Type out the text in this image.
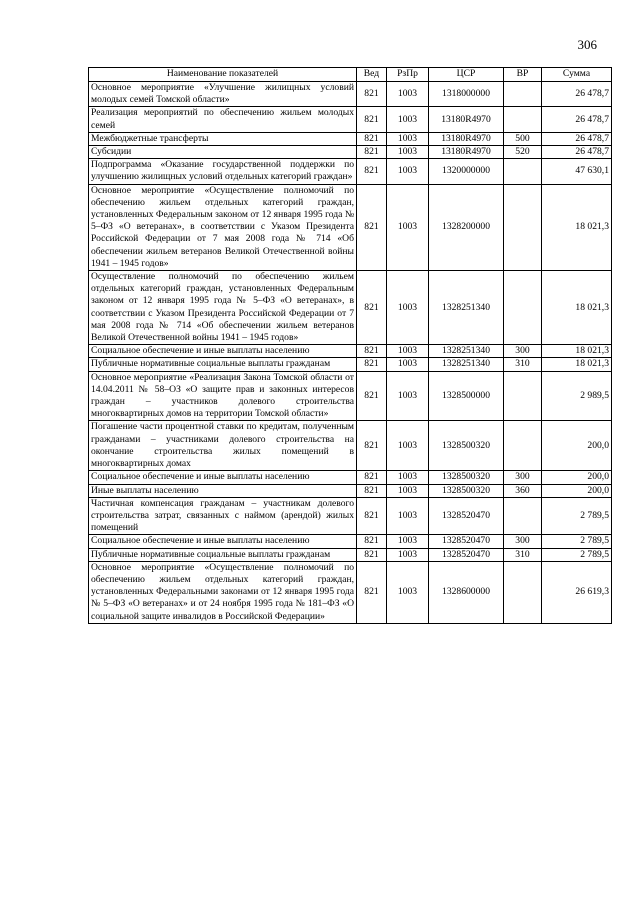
306
Наименование показателей	Вед	РзПр	ЦСР	ВР	Сумма
Основное мероприятие «Улучшение жилищных условий молодых семей Томской области»	821	1003	1318000000		26 478,7
Реализация мероприятий по обеспечению жильем молодых семей	821	1003	13180R4970		26 478,7
Межбюджетные трансферты	821	1003	13180R4970	500	26 478,7
Субсидии	821	1003	13180R4970	520	26 478,7
Подпрограмма «Оказание государственной поддержки по улучшению жилищных условий отдельных категорий граждан»	821	1003	1320000000		47 630,1
Основное мероприятие «Осуществление полномочий по обеспечению жильем отдельных категорий граждан, установленных Федеральным законом от 12 января 1995 года № 5–ФЗ «О ветеранах», в соответствии с Указом Президента Российской Федерации от 7 мая 2008 года № 714 «Об обеспечении жильем ветеранов Великой Отечественной войны 1941 – 1945 годов»	821	1003	1328200000		18 021,3
Осуществление полномочий по обеспечению жильем отдельных категорий граждан, установленных Федеральным законом от 12 января 1995 года № 5–ФЗ «О ветеранах», в соответствии с Указом Президента Российской Федерации от 7 мая 2008 года № 714 «Об обеспечении жильем ветеранов Великой Отечественной войны 1941 – 1945 годов»	821	1003	1328251340		18 021,3
Социальное обеспечение и иные выплаты населению	821	1003	1328251340	300	18 021,3
Публичные нормативные социальные выплаты гражданам	821	1003	1328251340	310	18 021,3
Основное мероприятие «Реализация Закона Томской области от 14.04.2011 № 58–ОЗ «О защите прав и законных интересов граждан – участников долевого строительства многоквартирных домов на территории Томской области»	821	1003	1328500000		2 989,5
Погашение части процентной ставки по кредитам, полученным гражданами – участниками долевого строительства на окончание строительства жилых помещений в многоквартирных домах	821	1003	1328500320		200,0
Социальное обеспечение и иные выплаты населению	821	1003	1328500320	300	200,0
Иные выплаты населению	821	1003	1328500320	360	200,0
Частичная компенсация гражданам – участникам долевого строительства затрат, связанных с наймом (арендой) жилых помещений	821	1003	1328520470		2 789,5
Социальное обеспечение и иные выплаты населению	821	1003	1328520470	300	2 789,5
Публичные нормативные социальные выплаты гражданам	821	1003	1328520470	310	2 789,5
Основное мероприятие «Осуществление полномочий по обеспечению жильем отдельных категорий граждан, установленных Федеральными законами от 12 января 1995 года № 5–ФЗ «О ветеранах» и от 24 ноября 1995 года № 181–ФЗ «О социальной защите инвалидов в Российской Федерации»	821	1003	1328600000		26 619,3
